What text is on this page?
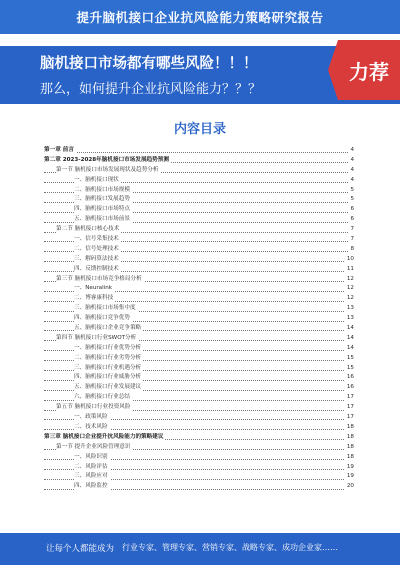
提升脑机接口企业抗风险能力策略研究报告
脑机接口市场都有哪些风险！！！
那么，如何提升企业抗风险能力？？？
力荐
内容目录
第一章 前言	4
第二章 2023-2028年脑机接口市场发展趋势预测	4
第一节 脑机接口市场发展现状及趋势分析	4
一、脑机接口现状	4
二、脑机接口市场规模	5
三、脑机接口发展趋势	5
四、脑机接口市场特点	6
五、脑机接口市场前景	6
第二节 脑机接口核心技术	7
一、信号采集技术	7
二、信号处理技术	8
三、解码算法技术	10
四、反馈控制技术	11
第三节 脑机接口市场竞争格局分析	12
一、Neuralink	12
二、博睿康科技	12
三、脑机接口市场集中度	13
四、脑机接口竞争优势	13
五、脑机接口企业竞争策略	14
第四节 脑机接口行业SWOT分析	14
一、脑机接口行业优势分析	14
二、脑机接口行业劣势分析	15
三、脑机接口行业机遇分析	15
四、脑机接口行业威胁分析	16
五、脑机接口行业发展建议	16
六、脑机接口行业总结	17
第五节 脑机接口行业投资风险	17
一、政策风险	17
二、技术风险	18
第三章 脑机接口企业提升抗风险能力的策略建议	18
第一节 提升企业风险管理意识	18
一、风险识别	18
二、风险评估	19
三、风险应对	19
四、风险监控	20
让每个人都能成为 行业专家、管理专家、营销专家、战略专家、成功企业家……
